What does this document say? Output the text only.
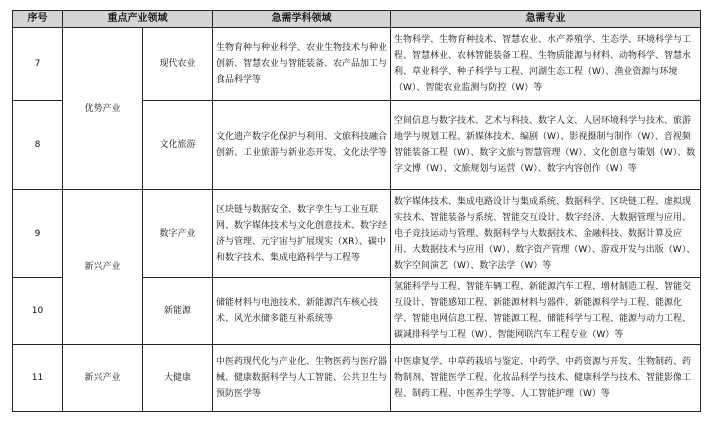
序号	重点产业领域		急需学科领域	急需专业
7	优势产业	现代农业	生物育种与种业科学、农业生物技术与种业创新、智慧农业与智能装备、农产品加工与食品科学等	生物科学、生物育种技术、智慧农业、水产养殖学、生态学、环境科学与工程、智慧林业、农林智能装备工程、生物质能源与材料、动物科学、智慧水利、草业科学、种子科学与工程、河湖生态工程（W）、渔业资源与环境（W）、智能农业监测与防控（W）等
8		文化旅游	文化遗产数字化保护与利用、文旅科技融合创新、工业旅游与新业态开发、文化法学等	空间信息与数字技术、艺术与科技、数字人文、人居环境科学与技术、旅游地学与规划工程、新媒体技术、编剧（W）、影视摄制与制作（W）、音视频智能装备工程（W）、数字文旅与智慧管理（W）、文化创意与策划（W）、数字文博（W）、文旅规划与运营（W）、数字内容创作（W）等
9	新兴产业	数字产业	区块链与数据安全、数字孪生与工业互联网、数字媒体技术与文化创意技术、数字经济与管理、元宇宙与扩展现实（XR）、碳中和数字技术、集成电路科学与工程等	数字媒体技术、集成电路设计与集成系统、数据科学、区块链工程、虚拟现实技术、智能装备与系统、智能交互设计、数字经济、大数据管理与应用、电子竞技运动与管理、数据科学与大数据技术、金融科技、数据计算及应用、大数据技术与应用（W）、数字资产管理（W）、游戏开发与出版（W）、数字空间演艺（W）、数字法学（W）等
10		新能源	储能材料与电池技术、新能源汽车核心技术、风光水储多能互补系统等	氢能科学与工程、智能车辆工程、新能源汽车工程、增材制造工程、智能交互设计、智能感知工程、新能源材料与器件、新能源科学与工程、能源化学、智能电网信息工程、智能源工程、储能科学与工程、能源与动力工程、碳减排科学与工程（W）、智能网联汽车工程专业（W）等
11	新兴产业	大健康	中医药现代化与产业化、生物医药与医疗器械、健康数据科学与人工智能、公共卫生与预防医学等	中医康复学、中草药栽培与鉴定、中药学、中药资源与开发、生物制药、药物制剂、智能医学工程、化妆品科学与技术、健康科学与技术、智能影像工程、制药工程、中医养生学等、人工智能护理（W）等
